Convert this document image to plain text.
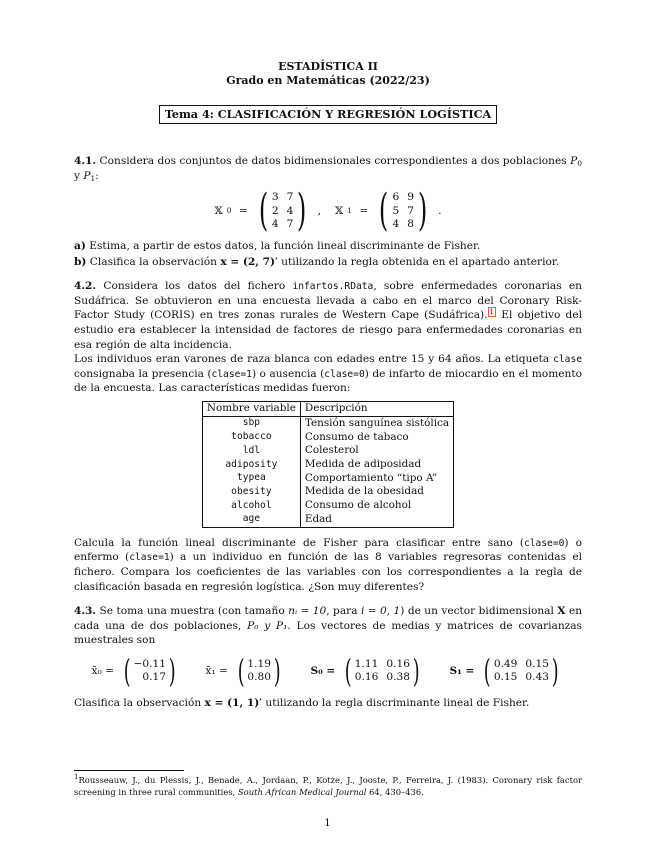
ESTADÍSTICA II
Grado en Matemáticas (2022/23)
Tema 4: CLASIFICACIÓN Y REGRESIÓN LOGÍSTICA

4.1. Considera dos conjuntos de datos bidimensionales correspondientes a dos poblaciones $P_0$ y $P_1$:

𝕏 0 = ( 3 7
2 4
4 7 ) , 𝕏 1 = ( 6 9
5 7
4 8 ) .

a) Estima, a partir de estos datos, la función lineal discriminante de Fisher.

b) Clasifica la observación x = (2, 7)′ utilizando la regla obtenida en el apartado anterior.

4.2. Considera los datos del fichero infartos.RData, sobre enfermedades coronarias en Sudáfrica. Se obtuvieron en una encuesta llevada a cabo en el marco del Coronary Risk-Factor Study (CORIS) en tres zonas rurales de Western Cape (Sudáfrica). $^1$ El objetivo del estudio era establecer la intensidad de factores de riesgo para enfermedades coronarias en esa región de alta incidencia.

Los individuos eran varones de raza blanca con edades entre 15 y 64 años. La etiqueta clase consignaba la presencia (clase=1) o ausencia (clase=0) de infarto de miocardio en el momento de la encuesta. Las características medidas fueron:

Nombre variable	Descripción
sbp	Tensión sanguínea sistólica
tobacco	Consumo de tabaco
ldl	Colesterol
adiposity	Medida de adiposidad
typea	Comportamiento “tipo A”
obesity	Medida de la obesidad
alcohol	Consumo de alcohol
age	Edad

Calcula la función lineal discriminante de Fisher para clasificar entre sano (clase=0) o enfermo (clase=1) a un individuo en función de las 8 variables regresoras contenidas el fichero. Compara los coeficientes de las variables con los correspondientes a la regla de clasificación basada en regresión logística. ¿Son muy diferentes?

4.3. Se toma una muestra (con tamaño nᵢ = 10, para i = 0, 1) de un vector bidimensional X en cada una de dos poblaciones, P₀ y P₁. Los vectores de medias y matrices de covarianzas muestrales son

x̄₀ = ( −0.11
0.17 )	x̄₁ = ( 1.19
0.80 )	S₀ = ( 1.11 0.16
0.16 0.38 )	S₁ = ( 0.49 0.15
0.15 0.43 )

Clasifica la observación x = (1, 1)′ utilizando la regla discriminante lineal de Fisher.

$^1$Rousseauw, J., du Plessis, J., Benade, A., Jordaan, P., Kotze, J., Jooste, P., Ferreira, J. (1983). Coronary risk factor screening in three rural communities, South African Medical Journal 64, 430–436.
1
